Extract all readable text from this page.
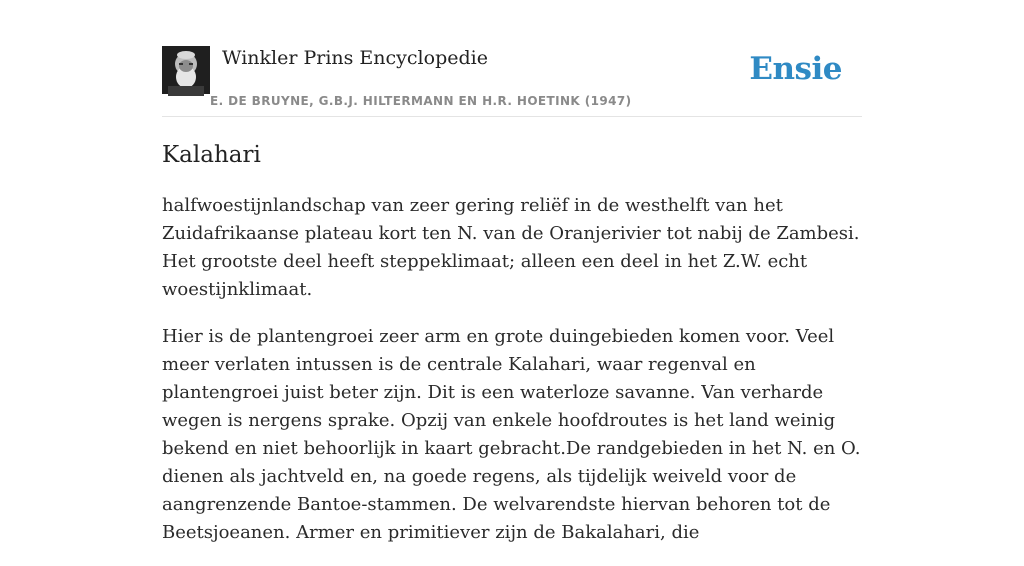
Winkler Prins Encyclopedie
E. DE BRUYNE, G.B.J. HILTERMANN EN H.R. HOETINK (1947)
Ensie
Kalahari

halfwoestijnlandschap van zeer gering reliëf in de westhelft van het Zuidafrikaanse plateau kort ten N. van de Oranjerivier tot nabij de Zambesi. Het grootste deel heeft steppeklimaat; alleen een deel in het Z.W. echt woestijnklimaat.

Hier is de plantengroei zeer arm en grote duingebieden komen voor. Veel meer verlaten intussen is de centrale Kalahari, waar regenval en plantengroei juist beter zijn. Dit is een waterloze savanne. Van verharde wegen is nergens sprake. Opzij van enkele hoofdroutes is het land weinig bekend en niet behoorlijk in kaart gebracht.De randgebieden in het N. en O. dienen als jachtveld en, na goede regens, als tijdelijk weiveld voor de aangrenzende Bantoe-stammen. De welvarendste hiervan behoren tot de Beetsjoeanen. Armer en primitiever zijn de Bakalahari, die
